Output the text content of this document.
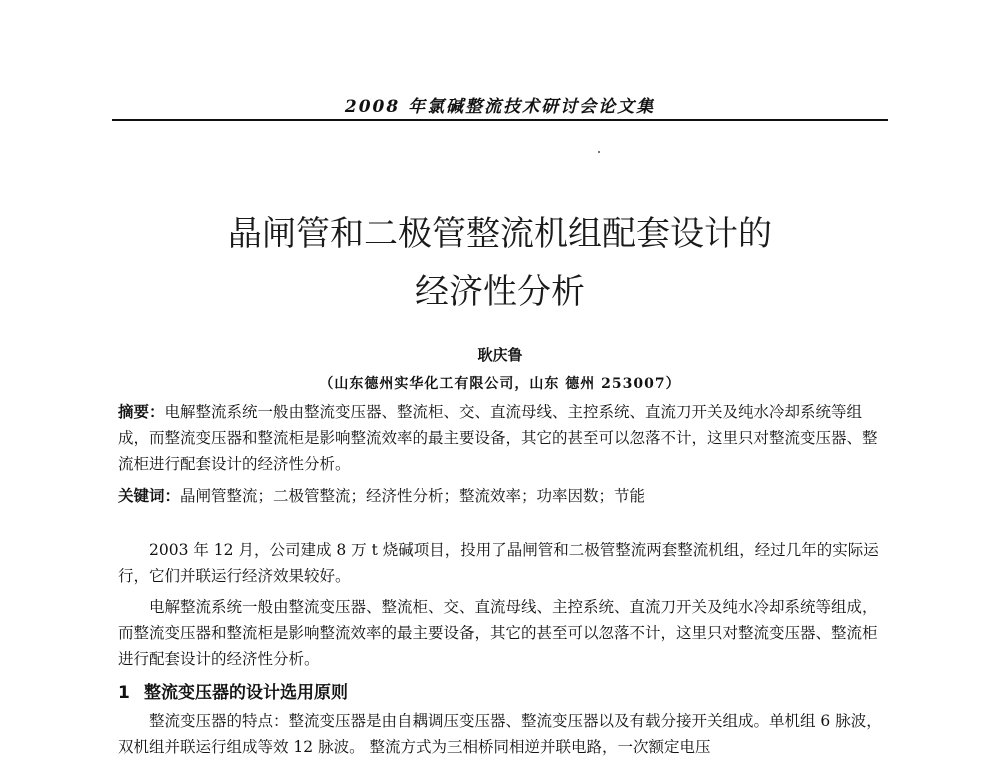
2008 年氯碱整流技术研讨会论文集
晶闸管和二极管整流机组配套设计的
经济性分析
耿庆鲁
（山东德州实华化工有限公司，山东 德州 253007）
摘要：电解整流系统一般由整流变压器、整流柜、交、直流母线、主控系统、直流刀开关及纯水冷却系统等组成，而整流变压器和整流柜是影响整流效率的最主要设备，其它的甚至可以忽落不计，这里只对整流变压器、整流柜进行配套设计的经济性分析。
关键词：晶闸管整流；二极管整流；经济性分析；整流效率；功率因数；节能
2003 年 12 月，公司建成 8 万 t 烧碱项目，投用了晶闸管和二极管整流两套整流机组，经过几年的实际运行，它们并联运行经济效果较好。
电解整流系统一般由整流变压器、整流柜、交、直流母线、主控系统、直流刀开关及纯水冷却系统等组成，而整流变压器和整流柜是影响整流效率的最主要设备，其它的甚至可以忽落不计，这里只对整流变压器、整流柜进行配套设计的经济性分析。
1 整流变压器的设计选用原则
整流变压器的特点：整流变压器是由自耦调压变压器、整流变压器以及有载分接开关组成。单机组 6 脉波，双机组并联运行组成等效 12 脉波。 整流方式为三相桥同相逆并联电路，一次额定电压
